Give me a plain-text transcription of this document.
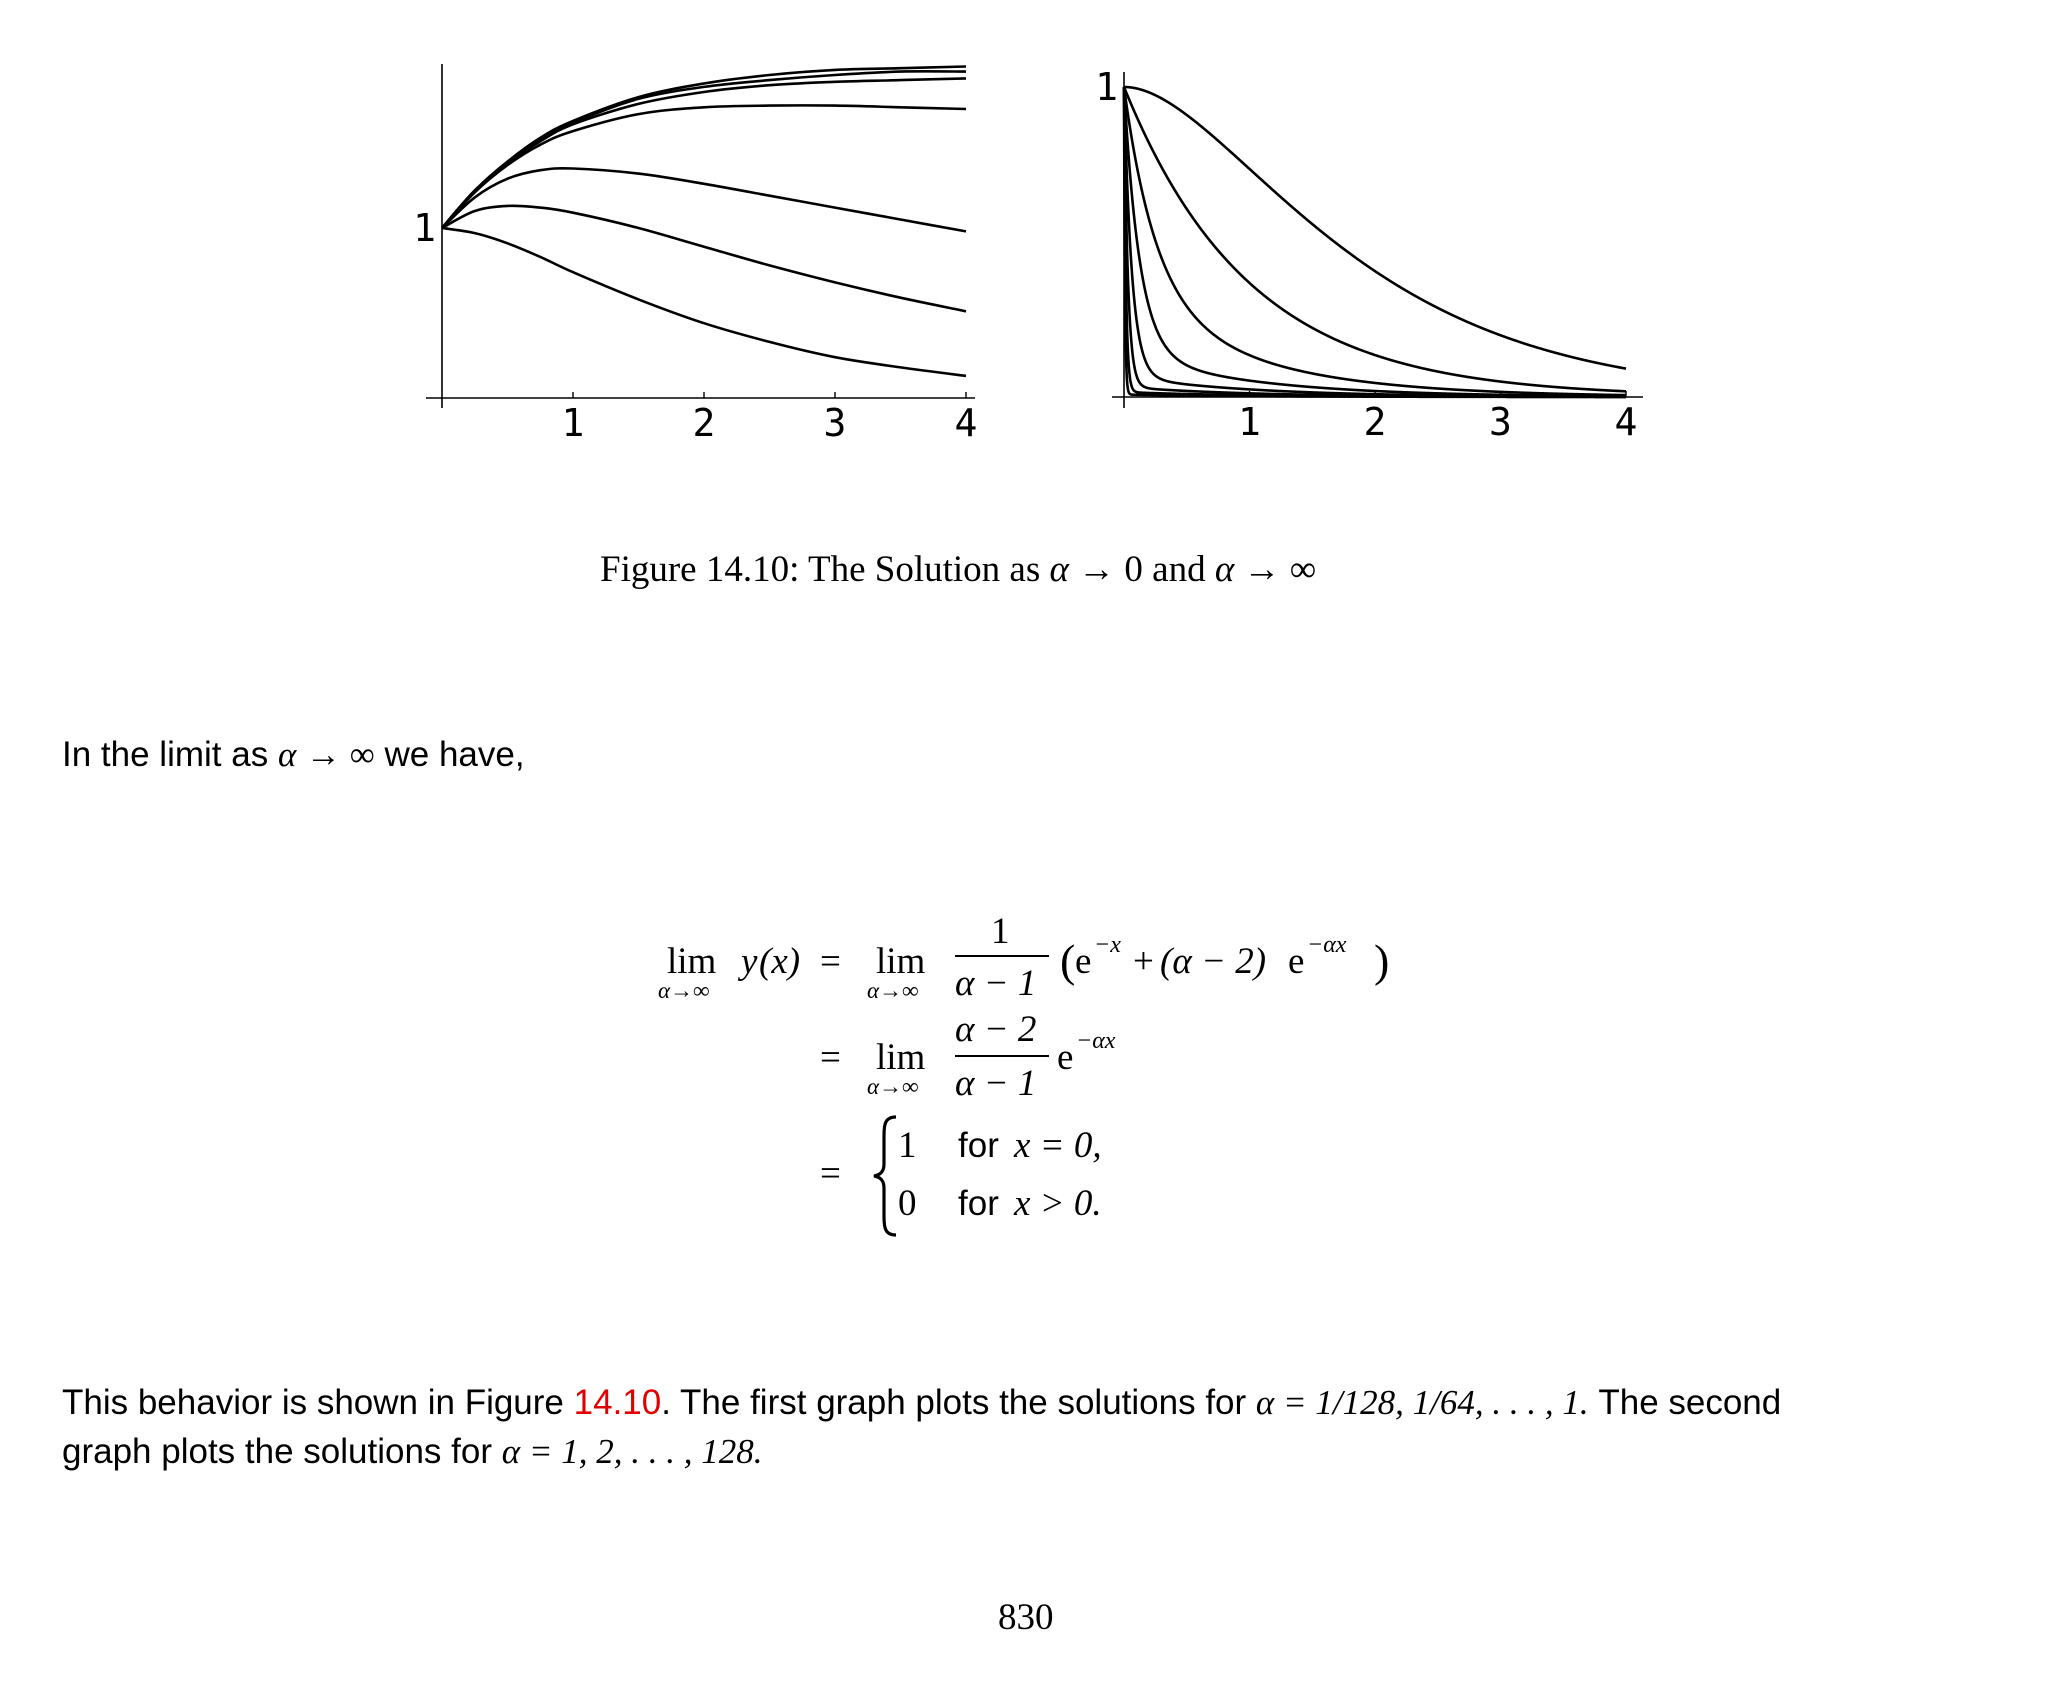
1	2	3	4
1
1	2	3	4
1
Figure 14.10: The Solution as α → 0 and α → ∞
In the limit as α → ∞ we have,
lim
α→∞
y (x) = lim
α→∞
1
α − 1 ( e −x + (α − 2) e −αx )
= lim
α→∞
α − 2
α − 1
e −αx
=
1 for x = 0,
0 for x > 0.
This behavior is shown in Figure 14.10. The first graph plots the solutions for α = 1/128, 1/64, . . . , 1. The second
graph plots the solutions for α = 1, 2, . . . , 128.
830
